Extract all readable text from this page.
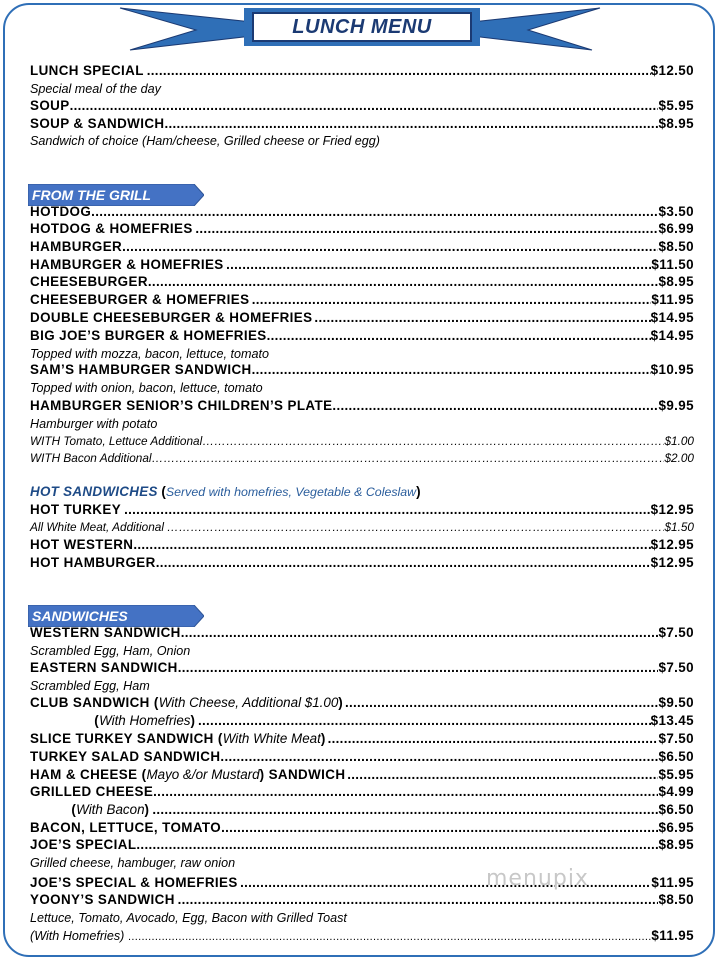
LUNCH MENU
LUNCH SPECIAL .....	$12.50
Special meal of the day
SOUP .....	$5.95
SOUP & SANDWICH .....	$8.95
Sandwich of choice (Ham/cheese, Grilled cheese or Fried egg)
FROM THE GRILL
HOTDOG .....	$3.50
HOTDOG & HOMEFRIES .....	$6.99
HAMBURGER .....	$8.50
HAMBURGER & HOMEFRIES .....	$11.50
CHEESEBURGER .....	$8.95
CHEESEBURGER & HOMEFRIES .....	$11.95
DOUBLE CHEESEBURGER & HOMEFRIES .....	$14.95
BIG JOE’S BURGER & HOMEFRIES .....	$14.95
Topped with mozza, bacon, lettuce, tomato
SAM’S HAMBURGER SANDWICH .....	$10.95
Topped with onion, bacon, lettuce, tomato
HAMBURGER SENIOR’S CHILDREN’S PLATE .....	$9.95
Hamburger with potato
WITH Tomato, Lettuce Additional …………………………………………………………………………………………………………………………………………………………………………………………………………………………………………………	$1.00
WITH Bacon Additional …………………………………………………………………………………………………………………………………………………………………………………………………………………………………………………	$2.00
HOT SANDWICHES (Served with homefries, Vegetable & Coleslaw)
HOT TURKEY .....	$12.95
All White Meat, Additional …………………………………………………………………………………………………………………………………………………………………………………………………………………………………………………	$1.50
HOT WESTERN .....	$12.95
HOT HAMBURGER .....	$12.95
SANDWICHES
WESTERN SANDWICH .....	$7.50
Scrambled Egg, Ham, Onion
EASTERN SANDWICH .....	$7.50
Scrambled Egg, Ham
CLUB SANDWICH (With Cheese, Additional $1.00) .....	$9.50
(With Homefries) .....	$13.45
SLICE TURKEY SANDWICH (With White Meat) .....	$7.50
TURKEY SALAD SANDWICH .....	$6.50
HAM & CHEESE (Mayo &/or Mustard) SANDWICH .....	$5.95
GRILLED CHEESE .....	$4.99
(With Bacon) .....	$6.50
BACON, LETTUCE, TOMATO .....	$6.95
JOE’S SPECIAL .....	$8.95
Grilled cheese, hambuger, raw onion
JOE’S SPECIAL & HOMEFRIES .....	$11.95
YOONY’S SANDWICH .....	$8.50
Lettuce, Tomato, Avocado, Egg, Bacon with Grilled Toast
(With Homefries) .....	$11.95
menupix
